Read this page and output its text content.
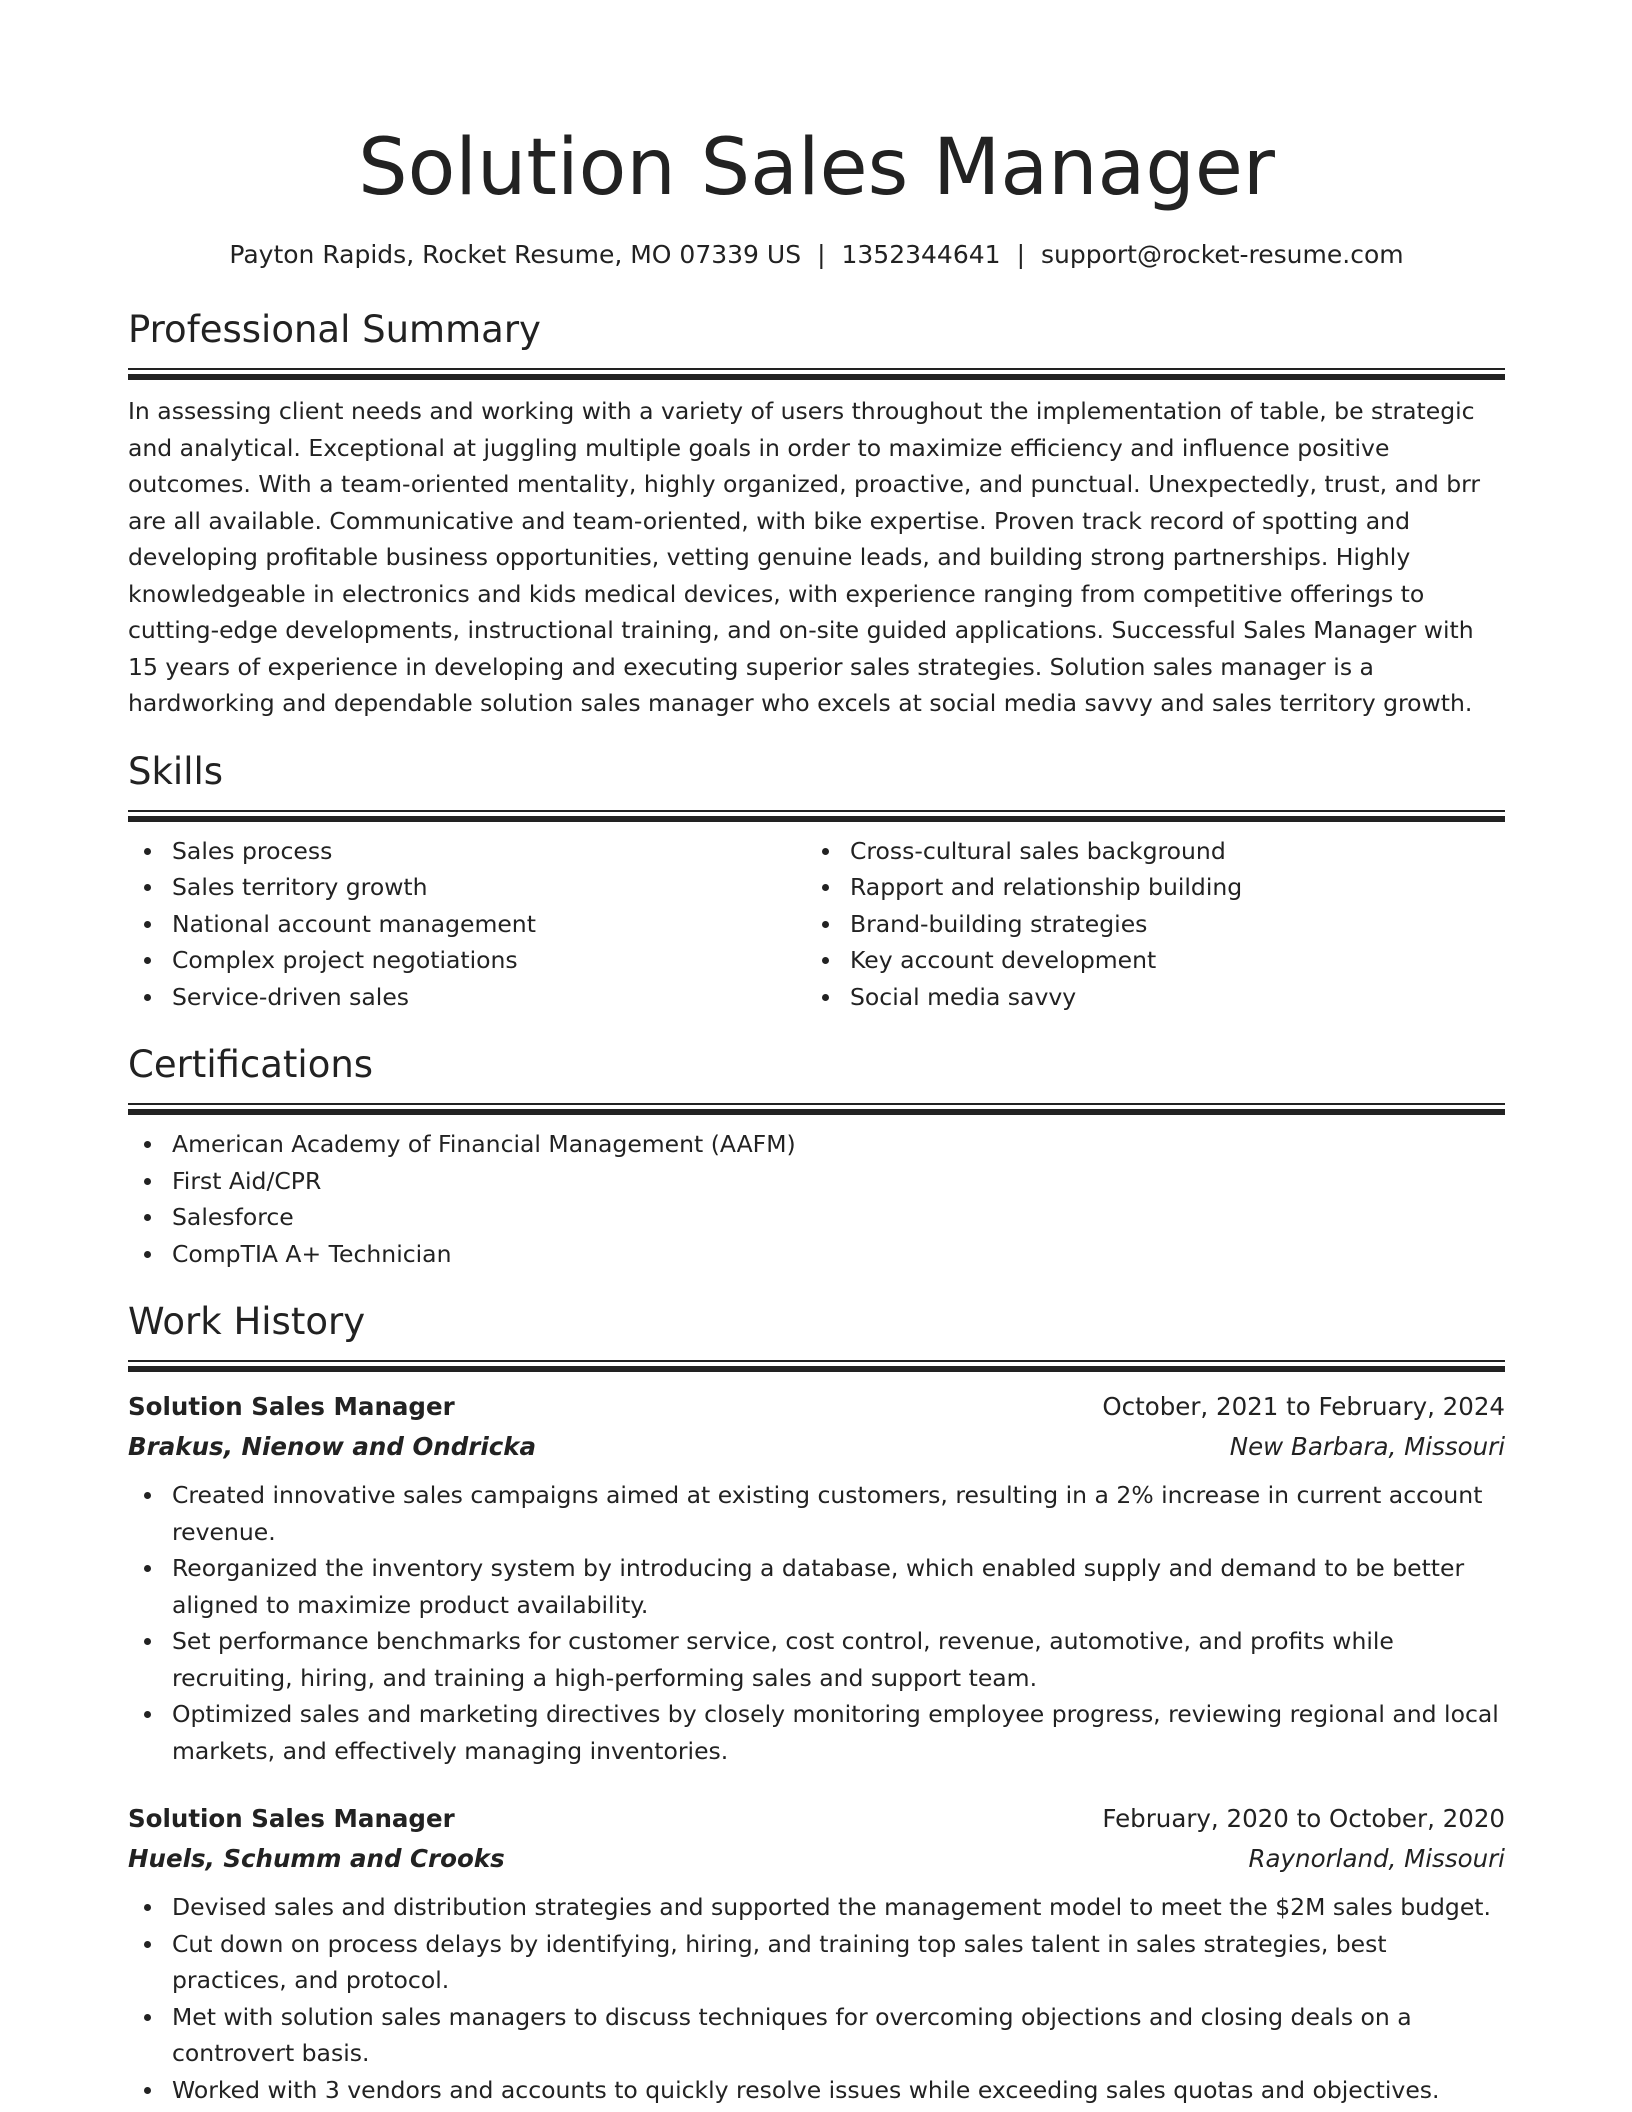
Solution Sales Manager
Payton Rapids, Rocket Resume, MO 07339 US | 1352344641 | support@rocket-resume.com
Professional Summary

In assessing client needs and working with a variety of users throughout the implementation of table, be strategic and analytical. Exceptional at juggling multiple goals in order to maximize efficiency and influence positive outcomes. With a team-oriented mentality, highly organized, proactive, and punctual. Unexpectedly, trust, and brr are all available. Communicative and team-oriented, with bike expertise. Proven track record of spotting and developing profitable business opportunities, vetting genuine leads, and building strong partnerships. Highly knowledgeable in electronics and kids medical devices, with experience ranging from competitive offerings to cutting-edge developments, instructional training, and on-site guided applications. Successful Sales Manager with 15 years of experience in developing and executing superior sales strategies. Solution sales manager is a hardworking and dependable solution sales manager who excels at social media savvy and sales territory growth.

Skills
Sales process
Sales territory growth
National account management
Complex project negotiations
Service-driven sales
Cross-cultural sales background
Rapport and relationship building
Brand-building strategies
Key account development
Social media savvy
Certifications
American Academy of Financial Management (AAFM)
First Aid/CPR
Salesforce
CompTIA A+ Technician
Work History
Solution Sales Manager	October, 2021 to February, 2024
Brakus, Nienow and Ondricka	New Barbara, Missouri
Created innovative sales campaigns aimed at existing customers, resulting in a 2% increase in current account revenue.
Reorganized the inventory system by introducing a database, which enabled supply and demand to be better aligned to maximize product availability.
Set performance benchmarks for customer service, cost control, revenue, automotive, and profits while recruiting, hiring, and training a high-performing sales and support team.
Optimized sales and marketing directives by closely monitoring employee progress, reviewing regional and local markets, and effectively managing inventories.
Solution Sales Manager	February, 2020 to October, 2020
Huels, Schumm and Crooks	Raynorland, Missouri
Devised sales and distribution strategies and supported the management model to meet the $2M sales budget.
Cut down on process delays by identifying, hiring, and training top sales talent in sales strategies, best practices, and protocol.
Met with solution sales managers to discuss techniques for overcoming objections and closing deals on a controvert basis.
Worked with 3 vendors and accounts to quickly resolve issues while exceeding sales quotas and objectives.
